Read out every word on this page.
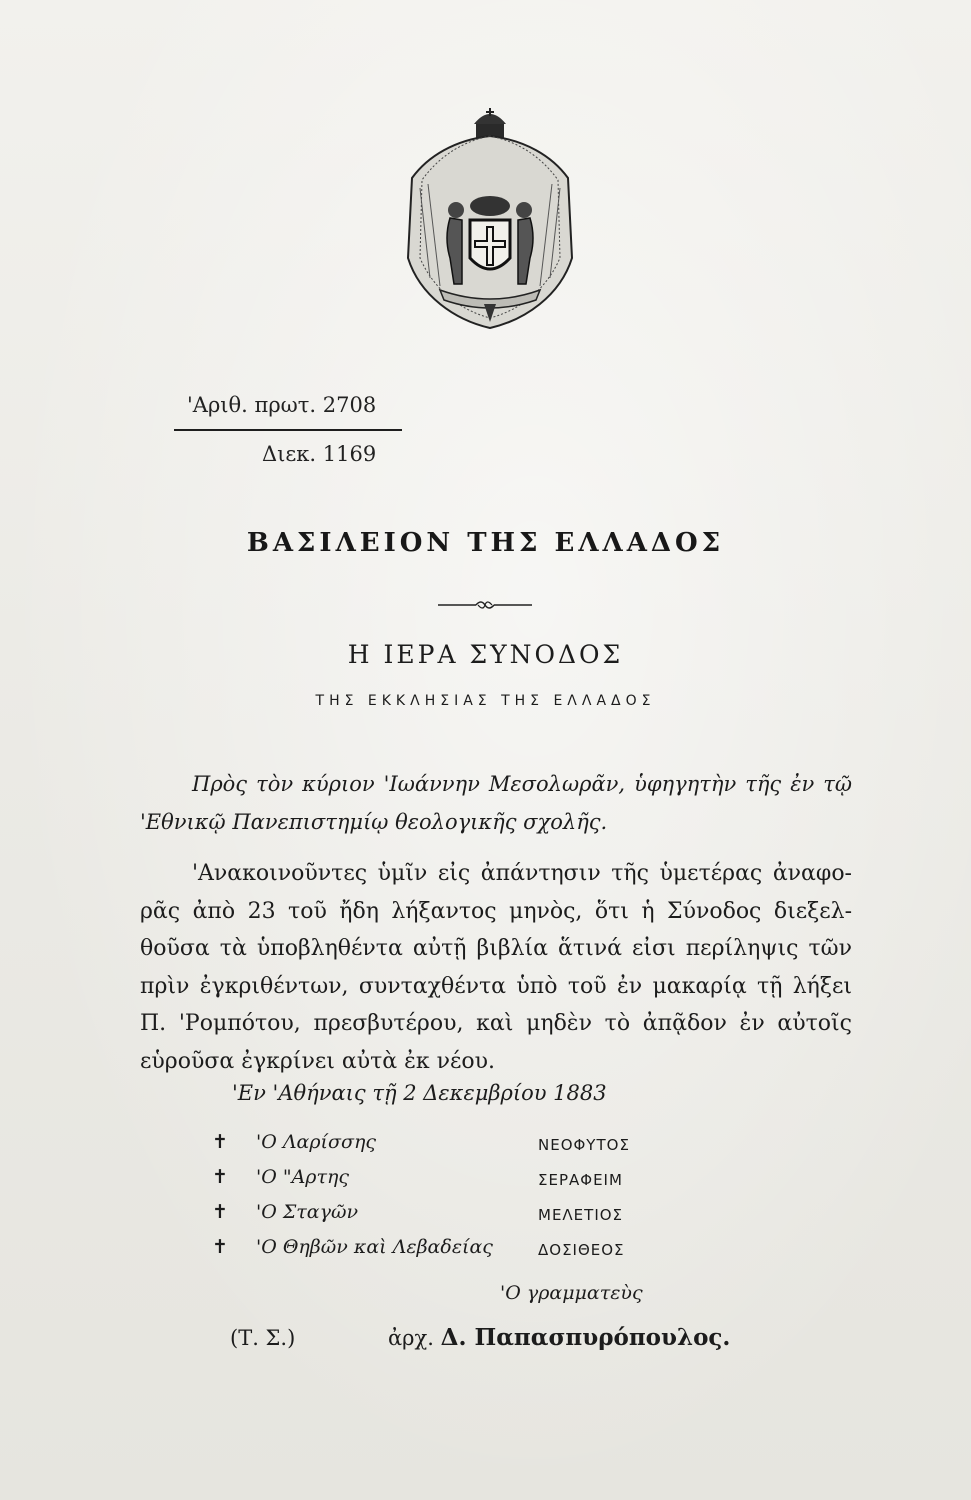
'Αριθ. πρωτ. 2708
Διεκ. 1169
ΒΑΣΙΛΕΙΟΝ ΤΗΣ ΕΛΛΑΔΟΣ
Η ΙΕΡΑ ΣΥΝΟΔΟΣ
ΤΗΣ ΕΚΚΛΗΣΙΑΣ ΤΗΣ ΕΛΛΑΔΟΣ
Πρὸς τὸν κύριον 'Ιωάννην Μεσολωρᾶν, ὑφηγητὴν τῆς ἐν τῷ
'Εθνικῷ Πανεπιστημίῳ θεολογικῆς σχολῆς.
'Ανακοινοῦντες ὑμῖν εἰς ἀπάντησιν τῆς ὑμετέρας ἀναφο-
ρᾶς ἀπὸ 23 τοῦ ἤδη λήξαντος μηνὸς, ὅτι ἡ Σύνοδος διεξελ-
θοῦσα τὰ ὑποβληθέντα αὐτῇ βιβλία ἅτινά εἰσι περίληψις τῶν
πρὶν ἐγκριθέντων, συνταχθέντα ὑπὸ τοῦ ἐν μακαρίᾳ τῇ λήξει
Π. 'Ρομπότου, πρεσβυτέρου, καὶ μηδὲν τὸ ἀπᾷδον ἐν αὐτοῖς
εὑροῦσα ἐγκρίνει αὐτὰ ἐκ νέου.
'Εν 'Αθήναις τῇ 2 Δεκεμβρίου 1883
✝ 'Ο Λαρίσσης	ΝΕΟΦΥΤΟΣ
✝ 'Ο "Αρτης	ΣΕΡΑΦΕΙΜ
✝ 'Ο Σταγῶν	ΜΕΛΕΤΙΟΣ
✝ 'Ο Θηβῶν καὶ Λεβαδείας	ΔΟΣΙΘΕΟΣ
'Ο γραμματεὺς
(Τ. Σ.)	ἀρχ. Δ. Παπασπυρόπουλος.
